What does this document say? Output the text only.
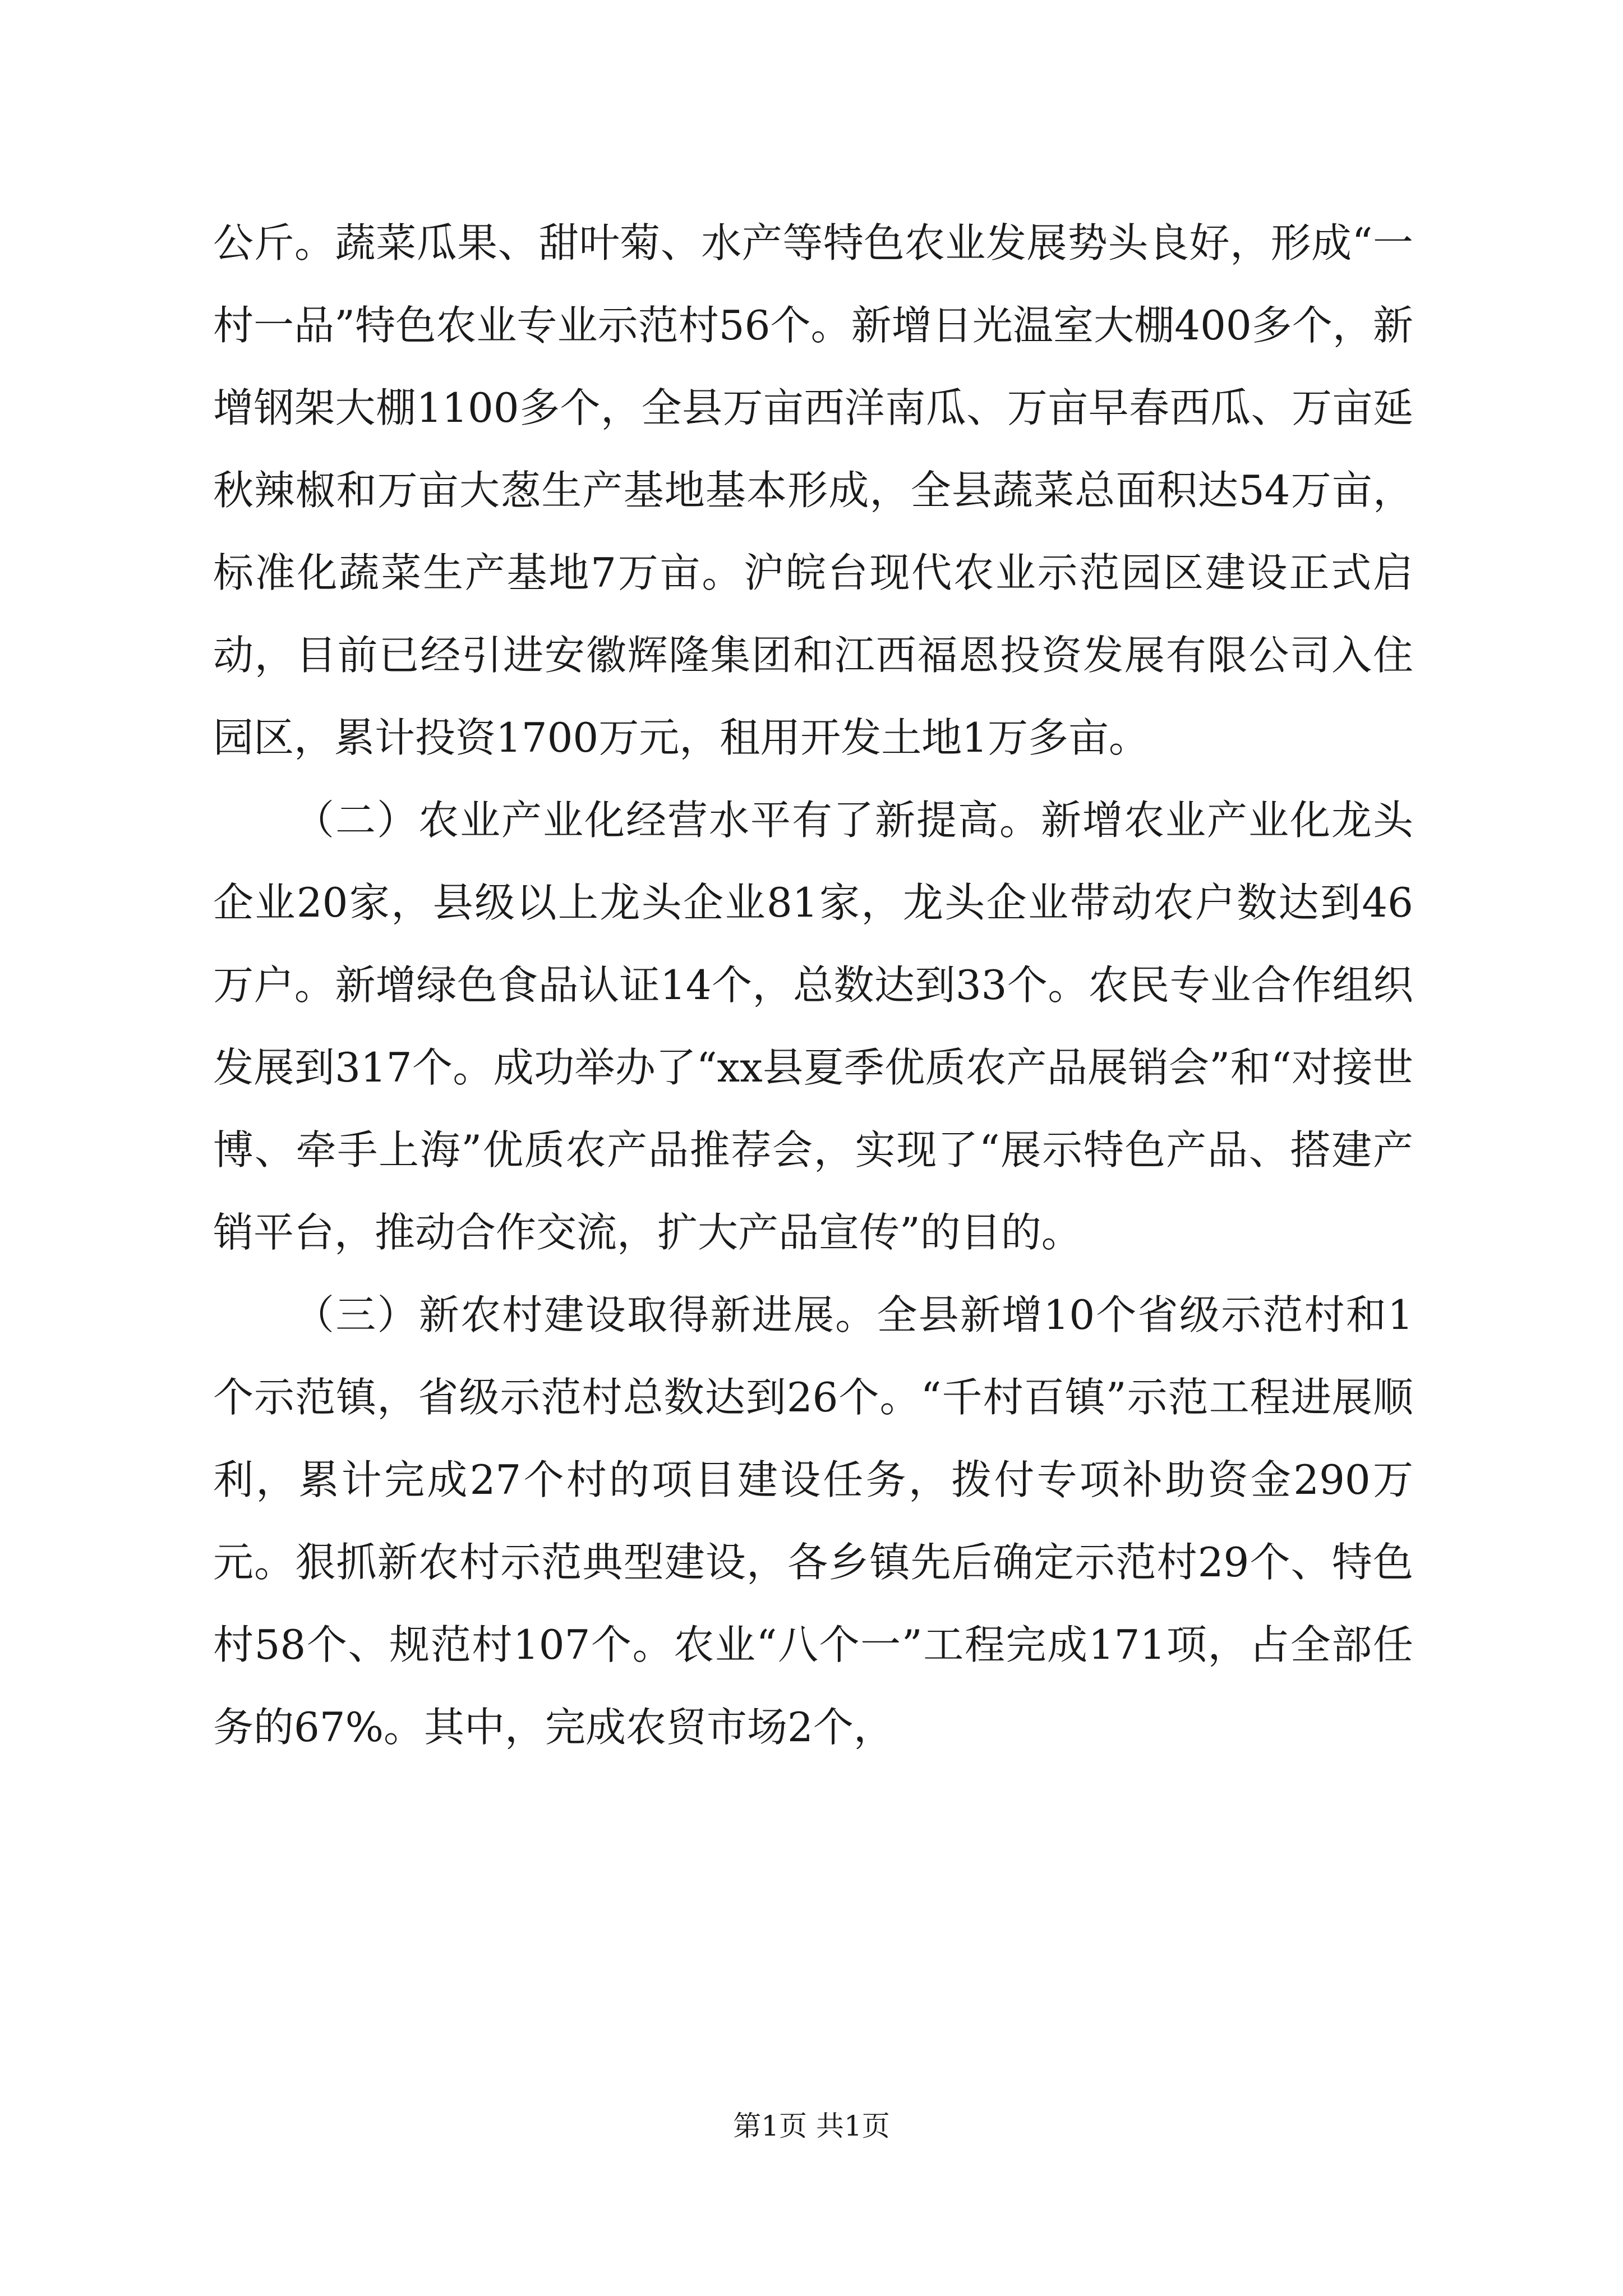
公斤。蔬菜瓜果、甜叶菊、水产等特色农业发展势头良好，形成“一村一品”特色农业专业示范村56个。新增日光温室大棚400多个，新增钢架大棚1100多个，全县万亩西洋南瓜、万亩早春西瓜、万亩延秋辣椒和万亩大葱生产基地基本形成，全县蔬菜总面积达54万亩，标准化蔬菜生产基地7万亩。沪皖台现代农业示范园区建设正式启动，目前已经引进安徽辉隆集团和江西福恩投资发展有限公司入住园区，累计投资1700万元，租用开发土地1万多亩。

（二）农业产业化经营水平有了新提高。新增农业产业化龙头企业20家，县级以上龙头企业81家，龙头企业带动农户数达到46万户。新增绿色食品认证14个，总数达到33个。农民专业合作组织发展到317个。成功举办了“xx县夏季优质农产品展销会”和“对接世博、牵手上海”优质农产品推荐会，实现了“展示特色产品、搭建产销平台，推动合作交流，扩大产品宣传”的目的。

（三）新农村建设取得新进展。全县新增10个省级示范村和1个示范镇，省级示范村总数达到26个。“千村百镇”示范工程进展顺利，累计完成27个村的项目建设任务，拨付专项补助资金290万元。狠抓新农村示范典型建设，各乡镇先后确定示范村29个、特色村58个、规范村107个。农业“八个一”工程完成171项，占全部任务的67%。其中，完成农贸市场2个，

第1页 共1页
